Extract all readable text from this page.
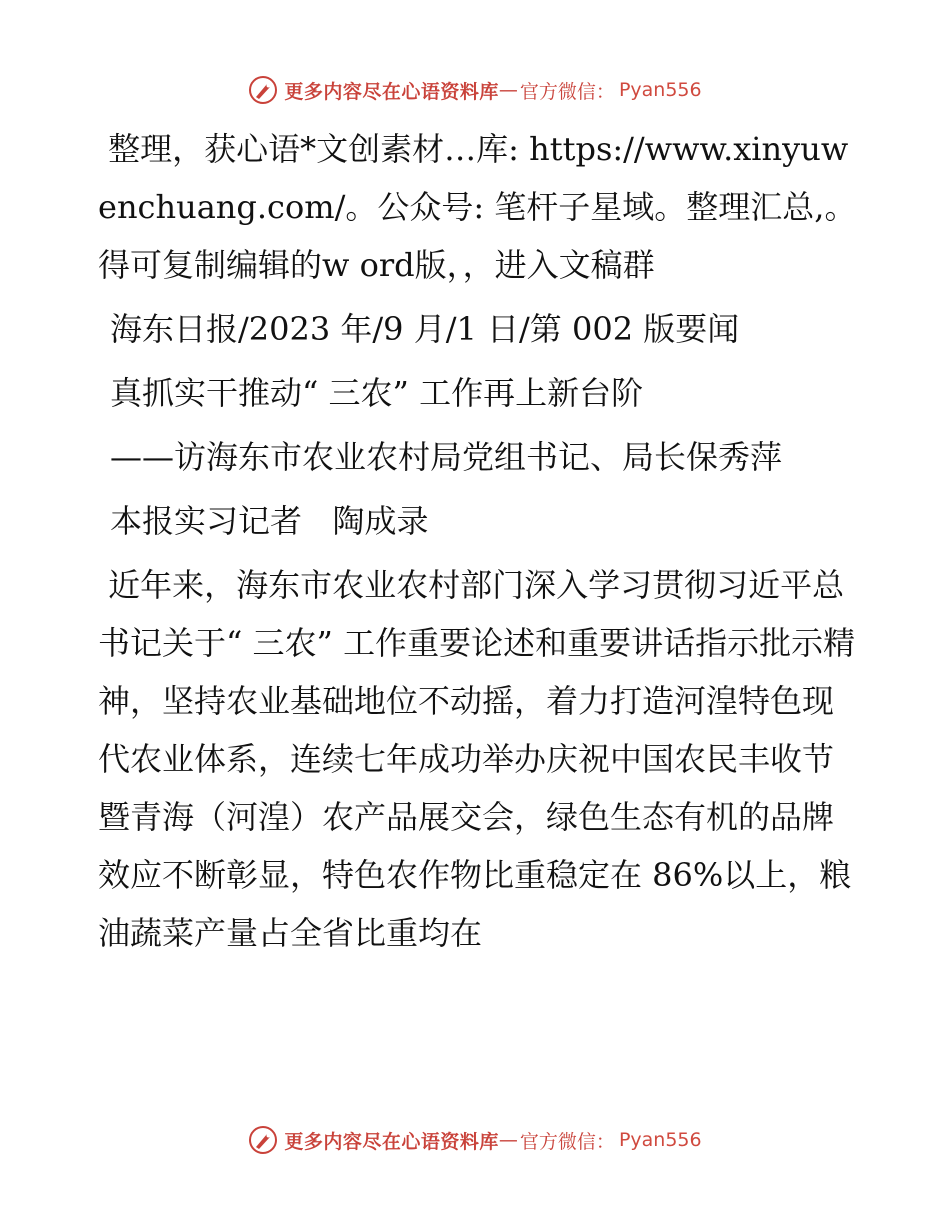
更多内容尽在心语资料库 — 官方微信： Pyan556

整理，获心语*文创素材…库: https://www.xinyuwenchuang.com/。公众号: 笔杆子星域。整理汇总,。得可复制编辑的w ord版，，进入文稿群

海东日报/2023 年/9 月/1 日/第 002 版要闻

真抓实干推动“ 三农” 工作再上新台阶

——访海东市农业农村局党组书记、局长保秀萍

本报实习记者   陶成录

近年来，海东市农业农村部门深入学习贯彻习近平总书记关于“ 三农” 工作重要论述和重要讲话指示批示精神，坚持农业基础地位不动摇，着力打造河湟特色现代农业体系，连续七年成功举办庆祝中国农民丰收节暨青海（河湟）农产品展交会，绿色生态有机的品牌效应不断彰显，特色农作物比重稳定在 86%以上，粮油蔬菜产量占全省比重均在

更多内容尽在心语资料库 — 官方微信： Pyan556
